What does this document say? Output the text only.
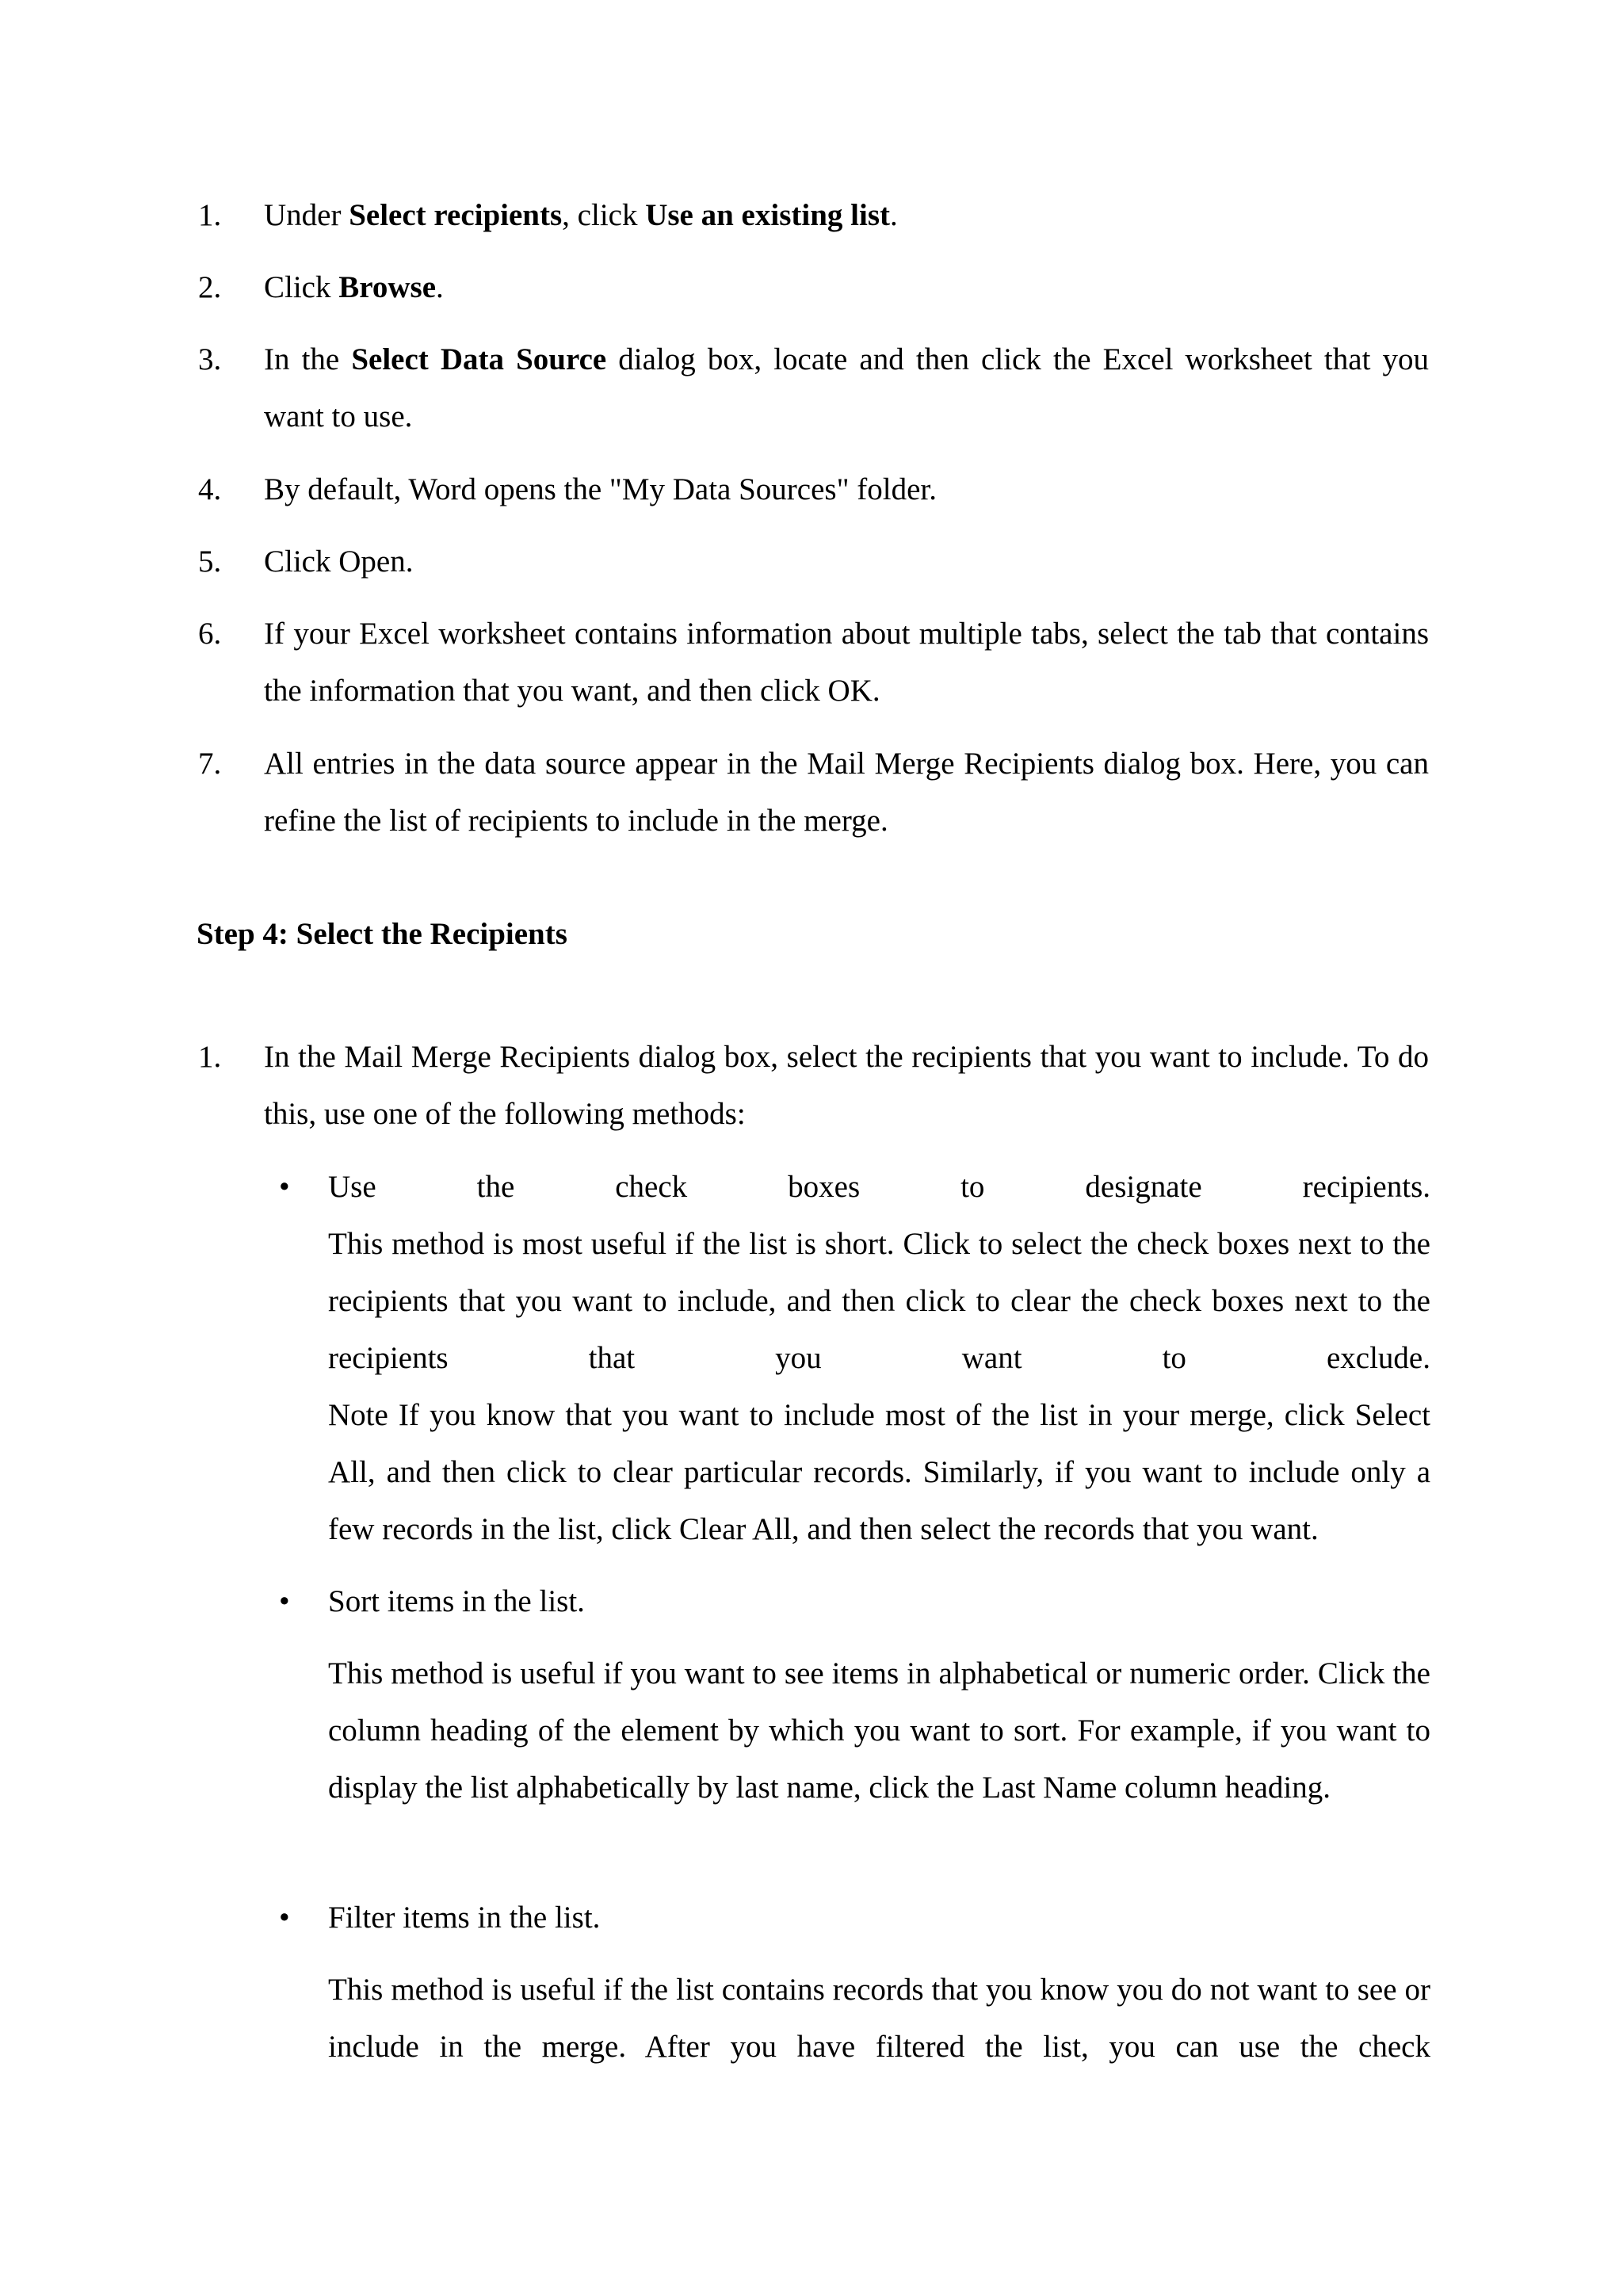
1.	Under Select recipients, click Use an existing list.
2.	Click Browse.
3.	In the Select Data Source dialog box, locate and then click the Excel worksheet that you want to use.
4.	By default, Word opens the "My Data Sources" folder.
5.	Click Open.
6.	If your Excel worksheet contains information about multiple tabs, select the tab that contains the information that you want, and then click OK.
7.	All entries in the data source appear in the Mail Merge Recipients dialog box. Here, you can refine the list of recipients to include in the merge.
Step 4: Select the Recipients
1.	In the Mail Merge Recipients dialog box, select the recipients that you want to include. To do this, use one of the following methods:
• Use the check boxes to designate recipients.
This method is most useful if the list is short. Click to select the check boxes next to the recipients that you want to include, and then click to clear the check boxes next to the recipients that you want to exclude.
Note If you know that you want to include most of the list in your merge, click Select All, and then click to clear particular records. Similarly, if you want to include only a few records in the list, click Clear All, and then select the records that you want.
• Sort items in the list.
This method is useful if you want to see items in alphabetical or numeric order. Click the column heading of the element by which you want to sort. For example, if you want to display the list alphabetically by last name, click the Last Name column heading.
• Filter items in the list.
This method is useful if the list contains records that you know you do not want to see or include in the merge. After you have filtered the list, you can use the check
